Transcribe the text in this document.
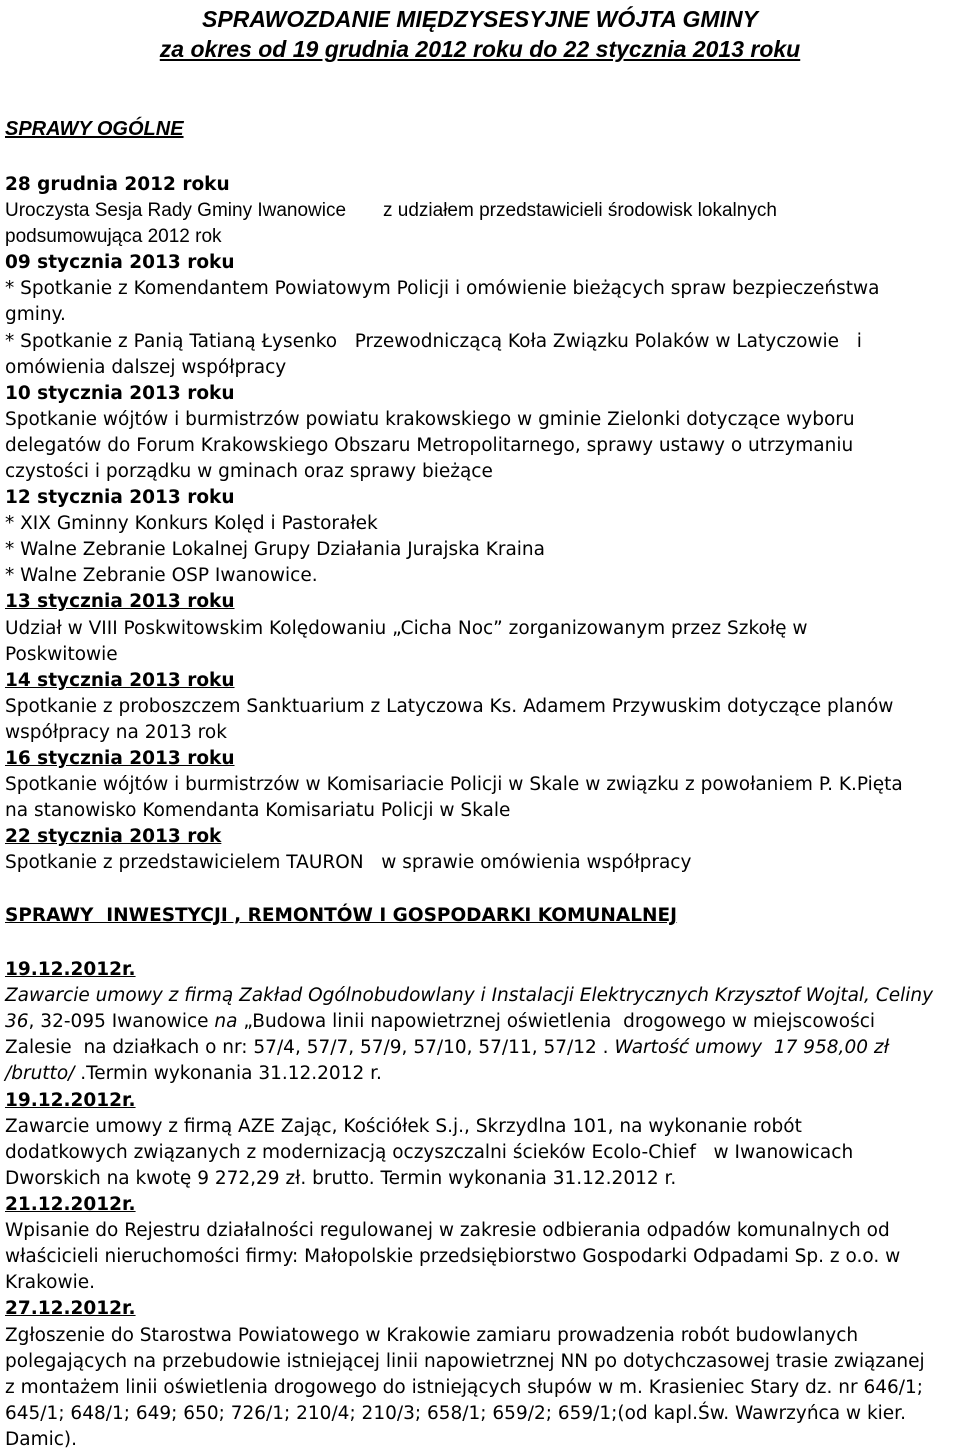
SPRAWOZDANIE MIĘDZYSESYJNE WÓJTA GMINY
za okres od 19 grudnia 2012 roku do 22 stycznia 2013 roku
SPRAWY OGÓLNE
28 grudnia 2012 roku
Uroczysta Sesja Rady Gminy Iwanowice       z udziałem przedstawicieli środowisk lokalnych
podsumowująca 2012 rok
09 stycznia 2013 roku
* Spotkanie z Komendantem Powiatowym Policji i omówienie bieżących spraw bezpieczeństwa
gminy.
* Spotkanie z Panią Tatianą Łysenko   Przewodniczącą Koła Związku Polaków w Latyczowie   i
omówienia dalszej współpracy
10 stycznia 2013 roku
Spotkanie wójtów i burmistrzów powiatu krakowskiego w gminie Zielonki dotyczące wyboru
delegatów do Forum Krakowskiego Obszaru Metropolitarnego, sprawy ustawy o utrzymaniu
czystości i porządku w gminach oraz sprawy bieżące
12 stycznia 2013 roku
* XIX Gminny Konkurs Kolęd i Pastorałek
* Walne Zebranie Lokalnej Grupy Działania Jurajska Kraina
* Walne Zebranie OSP Iwanowice.
13 stycznia 2013 roku
Udział w VIII Poskwitowskim Kolędowaniu „Cicha Noc” zorganizowanym przez Szkołę w
Poskwitowie
14 stycznia 2013 roku
Spotkanie z proboszczem Sanktuarium z Latyczowa Ks. Adamem Przywuskim dotyczące planów
współpracy na 2013 rok
16 stycznia 2013 roku
Spotkanie wójtów i burmistrzów w Komisariacie Policji w Skale w związku z powołaniem P. K.Pięta
na stanowisko Komendanta Komisariatu Policji w Skale
22 stycznia 2013 rok
Spotkanie z przedstawicielem TAURON   w sprawie omówienia współpracy
SPRAWY  INWESTYCJI , REMONTÓW I GOSPODARKI KOMUNALNEJ
19.12.2012r.
Zawarcie umowy z firmą Zakład Ogólnobudowlany i Instalacji Elektrycznych Krzysztof Wojtal, Celiny
36, 32-095 Iwanowice na „Budowa linii napowietrznej oświetlenia  drogowego w miejscowości
Zalesie  na działkach o nr: 57/4, 57/7, 57/9, 57/10, 57/11, 57/12 . Wartość umowy  17 958,00 zł
/brutto/ .Termin wykonania 31.12.2012 r.
19.12.2012r.
Zawarcie umowy z firmą AZE Zając, Kościółek S.j., Skrzydlna 101, na wykonanie robót
dodatkowych związanych z modernizacją oczyszczalni ścieków Ecolo-Chief   w Iwanowicach
Dworskich na kwotę 9 272,29 zł. brutto. Termin wykonania 31.12.2012 r.
21.12.2012r.
Wpisanie do Rejestru działalności regulowanej w zakresie odbierania odpadów komunalnych od
właścicieli nieruchomości firmy: Małopolskie przedsiębiorstwo Gospodarki Odpadami Sp. z o.o. w
Krakowie.
27.12.2012r.
Zgłoszenie do Starostwa Powiatowego w Krakowie zamiaru prowadzenia robót budowlanych
polegających na przebudowie istniejącej linii napowietrznej NN po dotychczasowej trasie związanej
z montażem linii oświetlenia drogowego do istniejących słupów w m. Krasieniec Stary dz. nr 646/1;
645/1; 648/1; 649; 650; 726/1; 210/4; 210/3; 658/1; 659/2; 659/1;(od kapl.Św. Wawrzyńca w kier.
Damic).
